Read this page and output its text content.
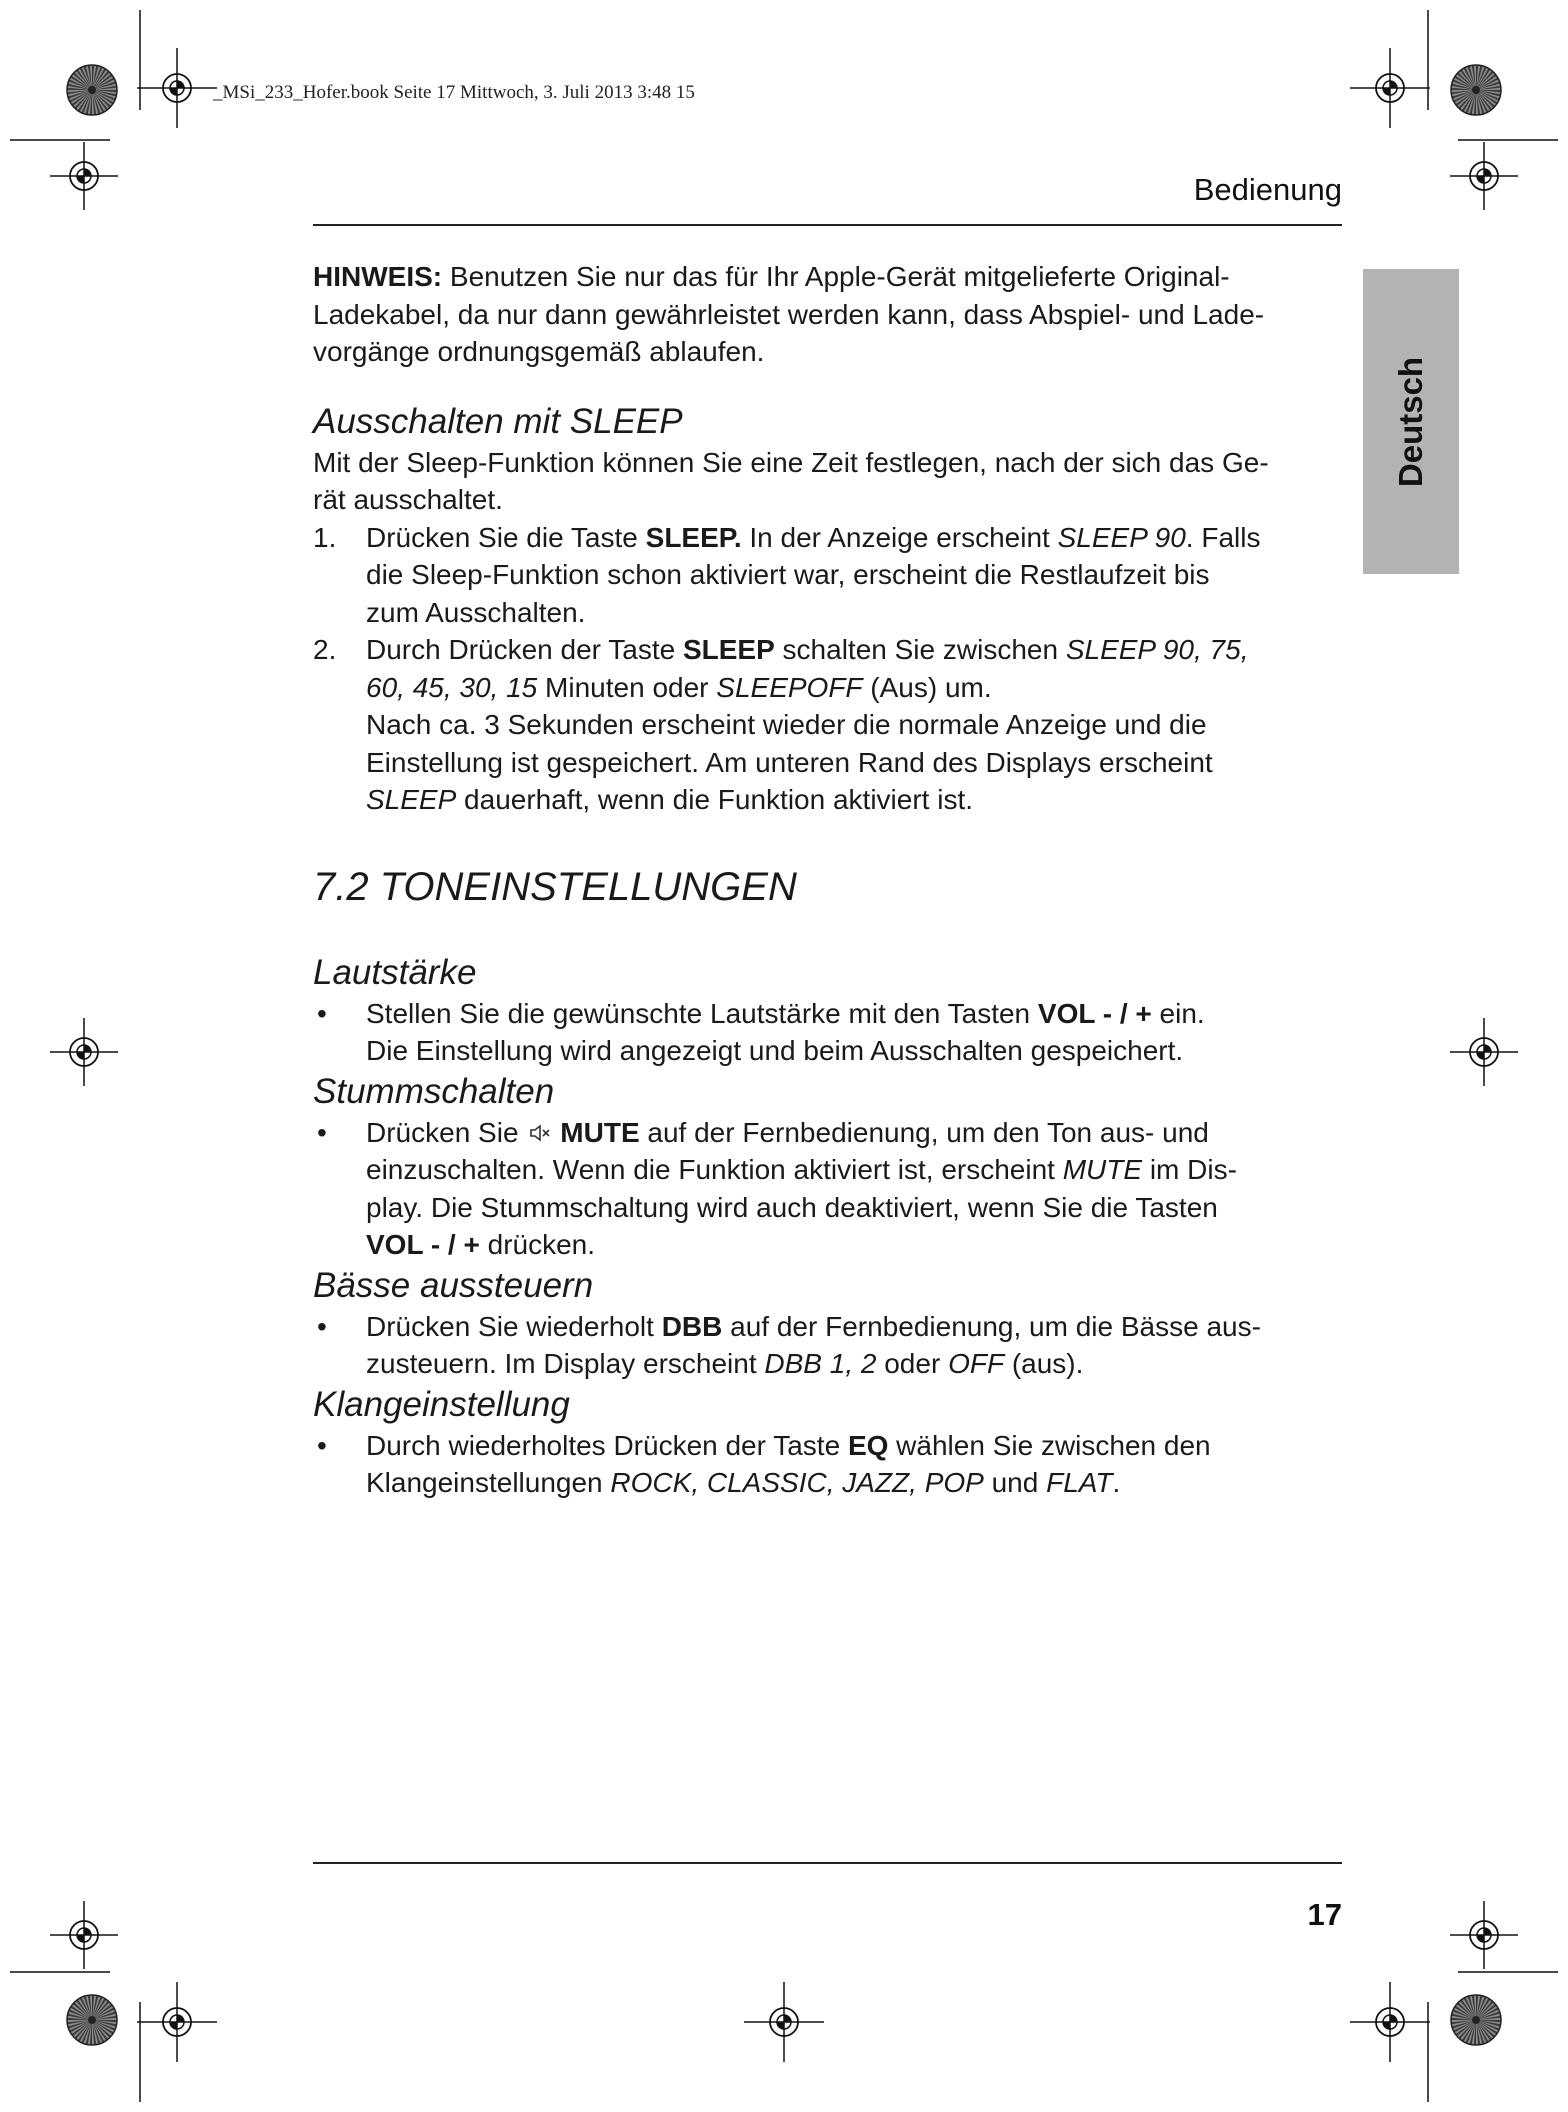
_MSi_233_Hofer.book Seite 17 Mittwoch, 3. Juli 2013 3:48 15
Bedienung
Deutsch

HINWEIS: Benutzen Sie nur das für Ihr Apple-Gerät mitgelieferte Original-
Ladekabel, da nur dann gewährleistet werden kann, dass Abspiel- und Lade-
vorgänge ordnungsgemäß ablaufen.

Ausschalten mit SLEEP

Mit der Sleep-Funktion können Sie eine Zeit festlegen, nach der sich das Ge-
rät ausschaltet.

1. Drücken Sie die Taste SLEEP. In der Anzeige erscheint SLEEP 90. Falls
die Sleep-Funktion schon aktiviert war, erscheint die Restlaufzeit bis
zum Ausschalten.
2. Durch Drücken der Taste SLEEP schalten Sie zwischen SLEEP 90, 75,
60, 45, 30, 15 Minuten oder SLEEPOFF (Aus) um.
Nach ca. 3 Sekunden erscheint wieder die normale Anzeige und die
Einstellung ist gespeichert. Am unteren Rand des Displays erscheint
SLEEP dauerhaft, wenn die Funktion aktiviert ist.
7.2 TONEINSTELLUNGEN
Lautstärke
• Stellen Sie die gewünschte Lautstärke mit den Tasten VOL - / + ein.
Die Einstellung wird angezeigt und beim Ausschalten gespeichert.
Stummschalten
• Drücken Sie MUTE auf der Fernbedienung, um den Ton aus- und
einzuschalten. Wenn die Funktion aktiviert ist, erscheint MUTE im Dis-
play. Die Stummschaltung wird auch deaktiviert, wenn Sie die Tasten
VOL - / + drücken.
Bässe aussteuern
• Drücken Sie wiederholt DBB auf der Fernbedienung, um die Bässe aus-
zusteuern. Im Display erscheint DBB 1, 2 oder OFF (aus).
Klangeinstellung
• Durch wiederholtes Drücken der Taste EQ wählen Sie zwischen den
Klangeinstellungen ROCK, CLASSIC, JAZZ, POP und FLAT.
17
